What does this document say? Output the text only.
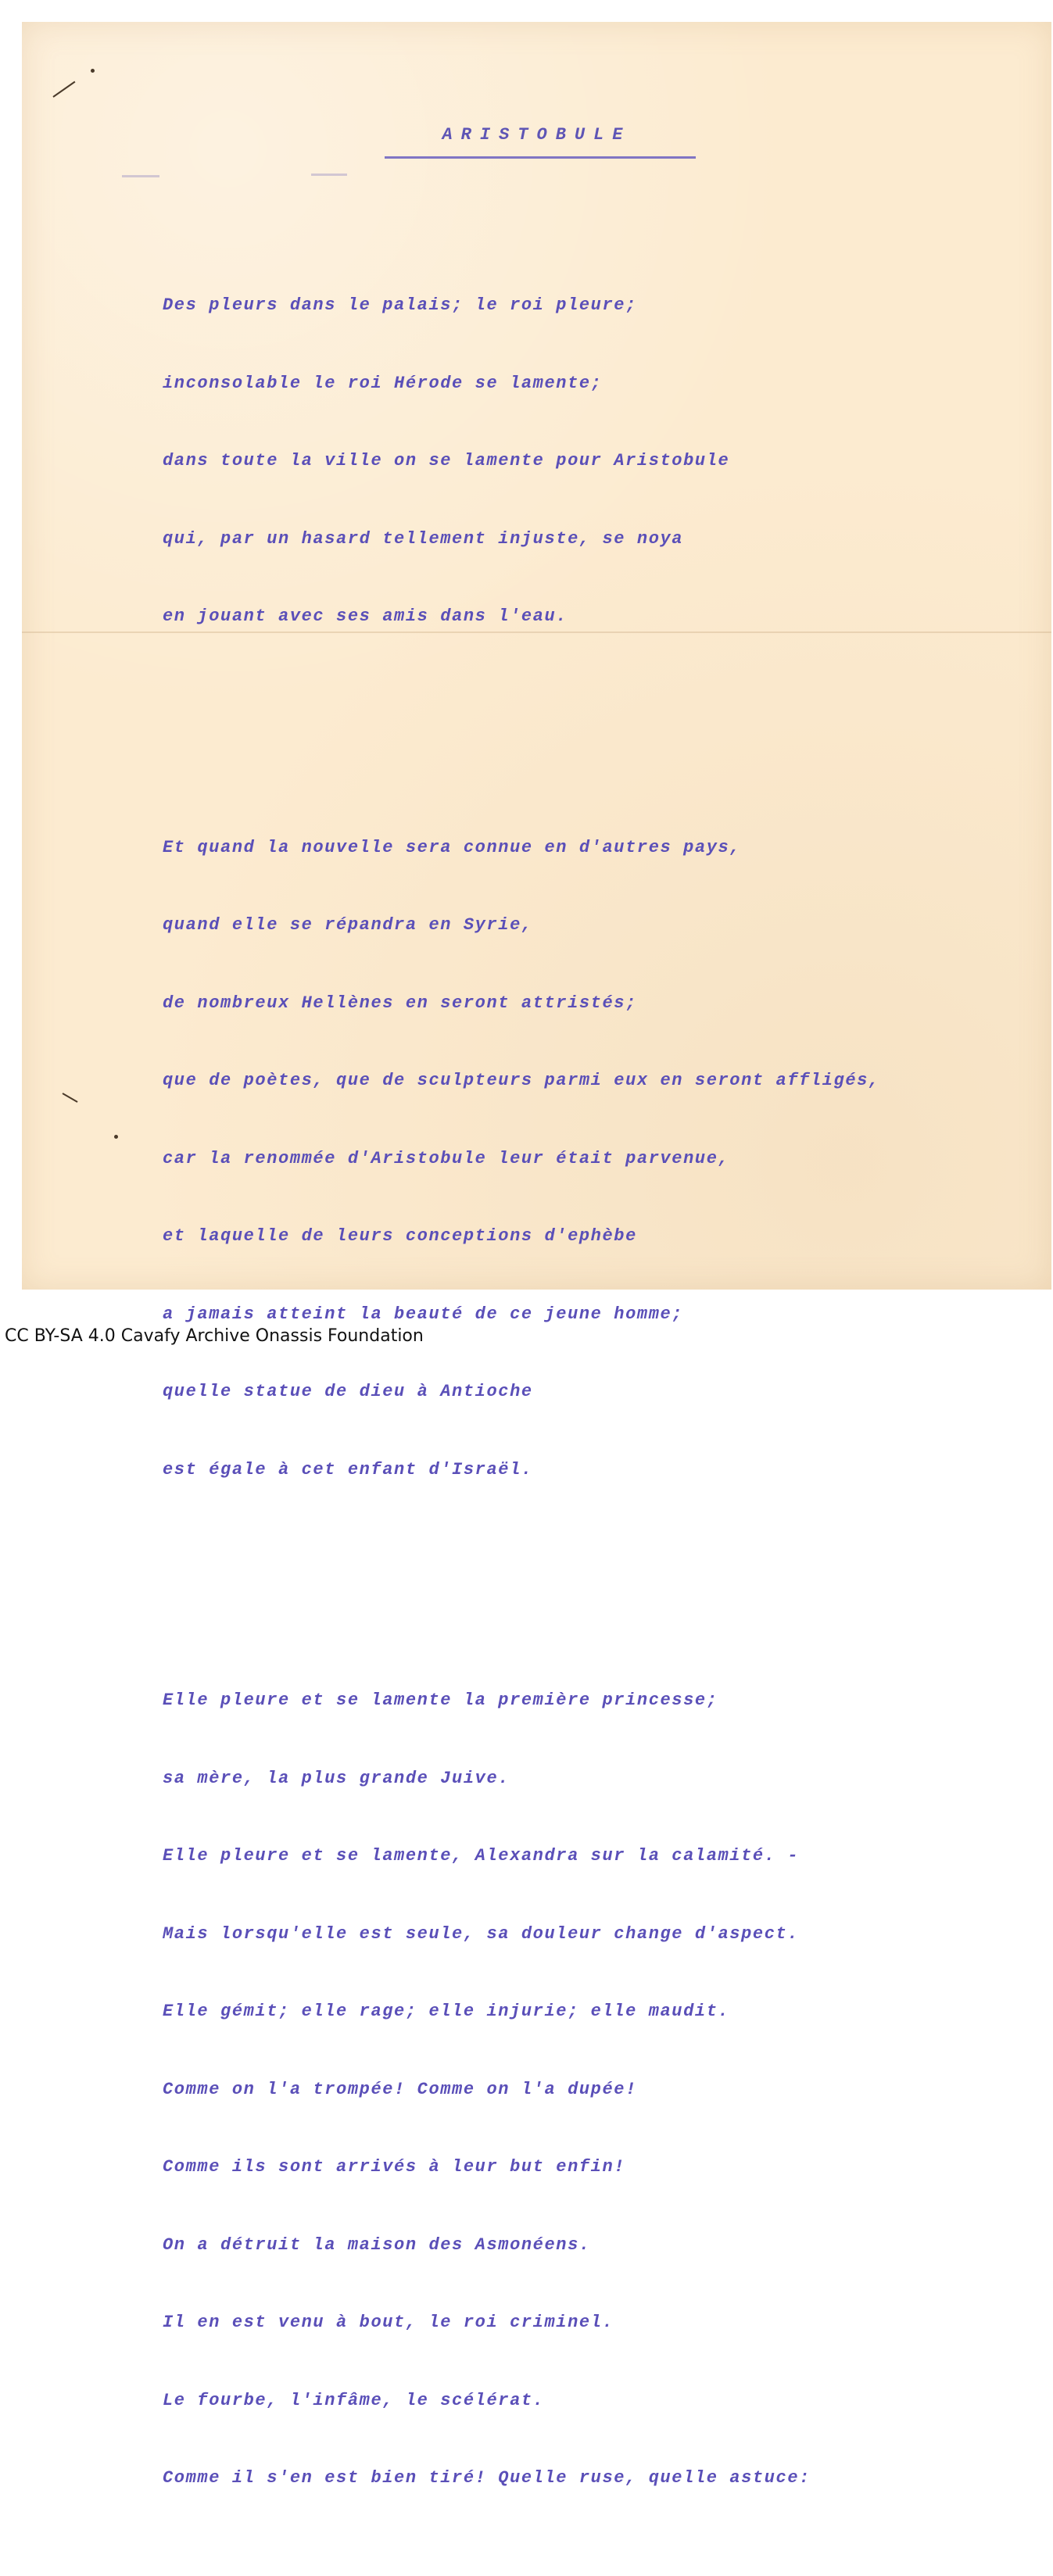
ARISTOBULE

Des pleurs dans le palais; le roi pleure;

inconsolable le roi Hérode se lamente;

dans toute la ville on se lamente pour Aristobule

qui, par un hasard tellement injuste, se noya

en jouant avec ses amis dans l'eau.

Et quand la nouvelle sera connue en d'autres pays,

quand elle se répandra en Syrie,

de nombreux Hellènes en seront attristés;

que de poètes, que de sculpteurs parmi eux en seront affligés,

car la renommée d'Aristobule leur était parvenue,

et laquelle de leurs conceptions d'ephèbe

a jamais atteint la beauté de ce jeune homme;

quelle statue de dieu à Antioche

est égale à cet enfant d'Israël.

Elle pleure et se lamente la première princesse;

sa mère, la plus grande Juive.

Elle pleure et se lamente, Alexandra sur la calamité. -

Mais lorsqu'elle est seule, sa douleur change d'aspect.

Elle gémit; elle rage; elle injurie; elle maudit.

Comme on l'a trompée! Comme on l'a dupée!

Comme ils sont arrivés à leur but enfin!

On a détruit la maison des Asmonéens.

Il en est venu à bout, le roi criminel.

Le fourbe, l'infâme, le scélérat.

Comme il s'en est bien tiré! Quelle ruse, quelle astuce:

CC BY-SA 4.0 Cavafy Archive Onassis Foundation
